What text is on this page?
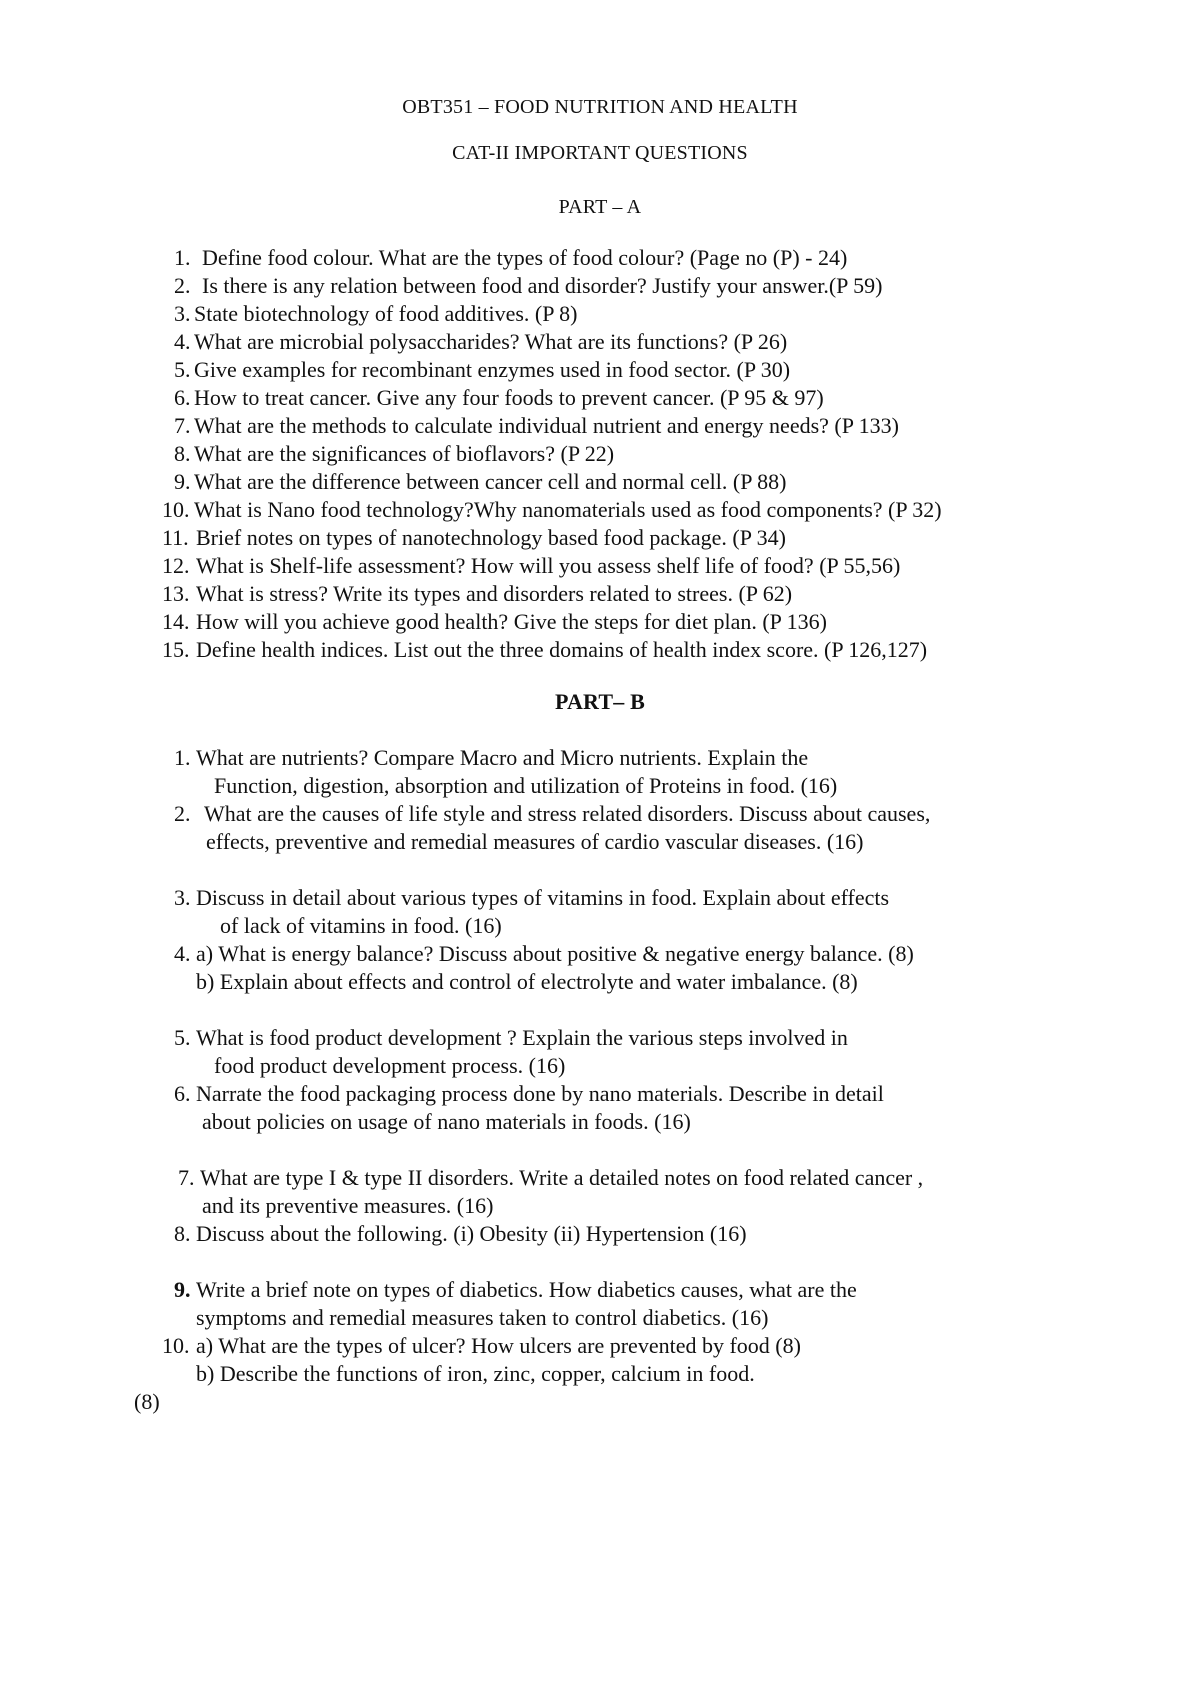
OBT351 – FOOD NUTRITION AND HEALTH
CAT-II IMPORTANT QUESTIONS
PART – A
1. Define food colour. What are the types of food colour? (Page no (P) - 24)
2. Is there is any relation between food and disorder? Justify your answer.(P 59)
3. State biotechnology of food additives. (P 8)
4. What are microbial polysaccharides? What are its functions? (P 26)
5. Give examples for recombinant enzymes used in food sector. (P 30)
6. How to treat cancer. Give any four foods to prevent cancer. (P 95 & 97)
7. What are the methods to calculate individual nutrient and energy needs? (P 133)
8. What are the significances of bioflavors? (P 22)
9. What are the difference between cancer cell and normal cell. (P 88)
10. What is Nano food technology?Why nanomaterials used as food components? (P 32)
11. Brief notes on types of nanotechnology based food package. (P 34)
12. What is Shelf-life assessment? How will you assess shelf life of food? (P 55,56)
13. What is stress? Write its types and disorders related to strees. (P 62)
14. How will you achieve good health? Give the steps for diet plan. (P 136)
15. Define health indices. List out the three domains of health index score. (P 126,127)
PART– B
1. What are nutrients? Compare Macro and Micro nutrients. Explain the
Function, digestion, absorption and utilization of Proteins in food. (16)
2. What are the causes of life style and stress related disorders. Discuss about causes,
effects, preventive and remedial measures of cardio vascular diseases. (16)
3. Discuss in detail about various types of vitamins in food. Explain about effects
of lack of vitamins in food. (16)
4. a) What is energy balance? Discuss about positive & negative energy balance. (8)
b) Explain about effects and control of electrolyte and water imbalance. (8)
5. What is food product development ? Explain the various steps involved in
food product development process. (16)
6. Narrate the food packaging process done by nano materials. Describe in detail
about policies on usage of nano materials in foods. (16)
7. What are type I & type II disorders. Write a detailed notes on food related cancer ,
and its preventive measures. (16)
8. Discuss about the following. (i) Obesity (ii) Hypertension (16)
9. Write a brief note on types of diabetics. How diabetics causes, what are the
symptoms and remedial measures taken to control diabetics. (16)
10. a) What are the types of ulcer? How ulcers are prevented by food (8)
b) Describe the functions of iron, zinc, copper, calcium in food.
(8)
